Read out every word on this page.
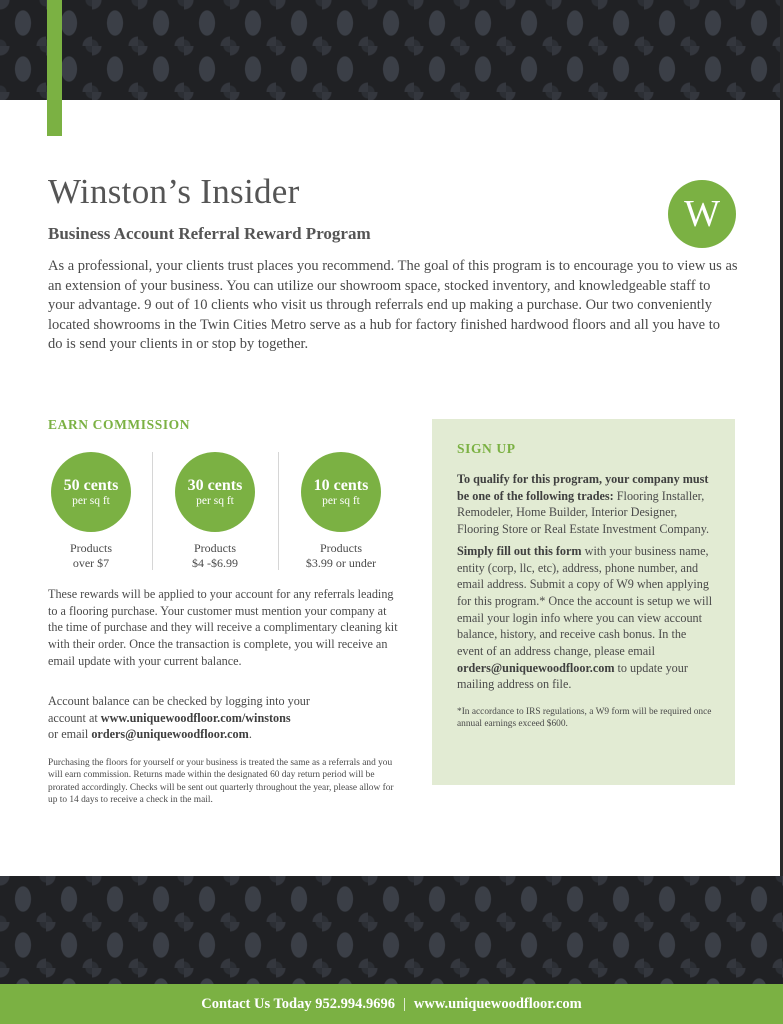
Winston’s Insider
Business Account Referral Reward Program	W

As a professional, your clients trust places you recommend. The goal of this program is to encourage you to view us as an extension of your business. You can utilize our showroom space, stocked inventory, and knowledgeable staff to your advantage. 9 out of 10 clients who visit us through referrals end up making a purchase. Our two conveniently located showrooms in the Twin Cities Metro serve as a hub for factory finished hardwood floors and all you have to do is send your clients in or stop by together.

EARN COMMISSION
50 cents
per sq ft
Products
over $7
30 cents
per sq ft
Products
$4 -$6.99
10 cents
per sq ft
Products
$3.99 or under

These rewards will be applied to your account for any referrals leading to a flooring purchase. Your customer must mention your company at the time of purchase and they will receive a complimentary cleaning kit with their order. Once the transaction is complete, you will receive an email update with your current balance.

Account balance can be checked by logging into your account at www.uniquewoodfloor.com/winstons
or email orders@uniquewoodfloor.com.

Purchasing the floors for yourself or your business is treated the same as a referrals and you will earn commission. Returns made within the designated 60 day return period will be prorated accordingly. Checks will be sent out quarterly throughout the year, please allow for up to 14 days to receive a check in the mail.

SIGN UP

To qualify for this program, your company must be one of the following trades: Flooring Installer, Remodeler, Home Builder, Interior Designer, Flooring Store or Real Estate Investment Company.

Simply fill out this form with your business name, entity (corp, llc, etc), address, phone number, and email address. Submit a copy of W9 when applying for this program.* Once the account is setup we will email your login info where you can view account balance, history, and receive cash bonus. In the event of an address change, please email orders@uniquewoodfloor.com to update your mailing address on file.

*In accordance to IRS regulations, a W9 form will be required once annual earnings exceed $600.
Contact Us Today 952.994.9696 | www.uniquewoodfloor.com
